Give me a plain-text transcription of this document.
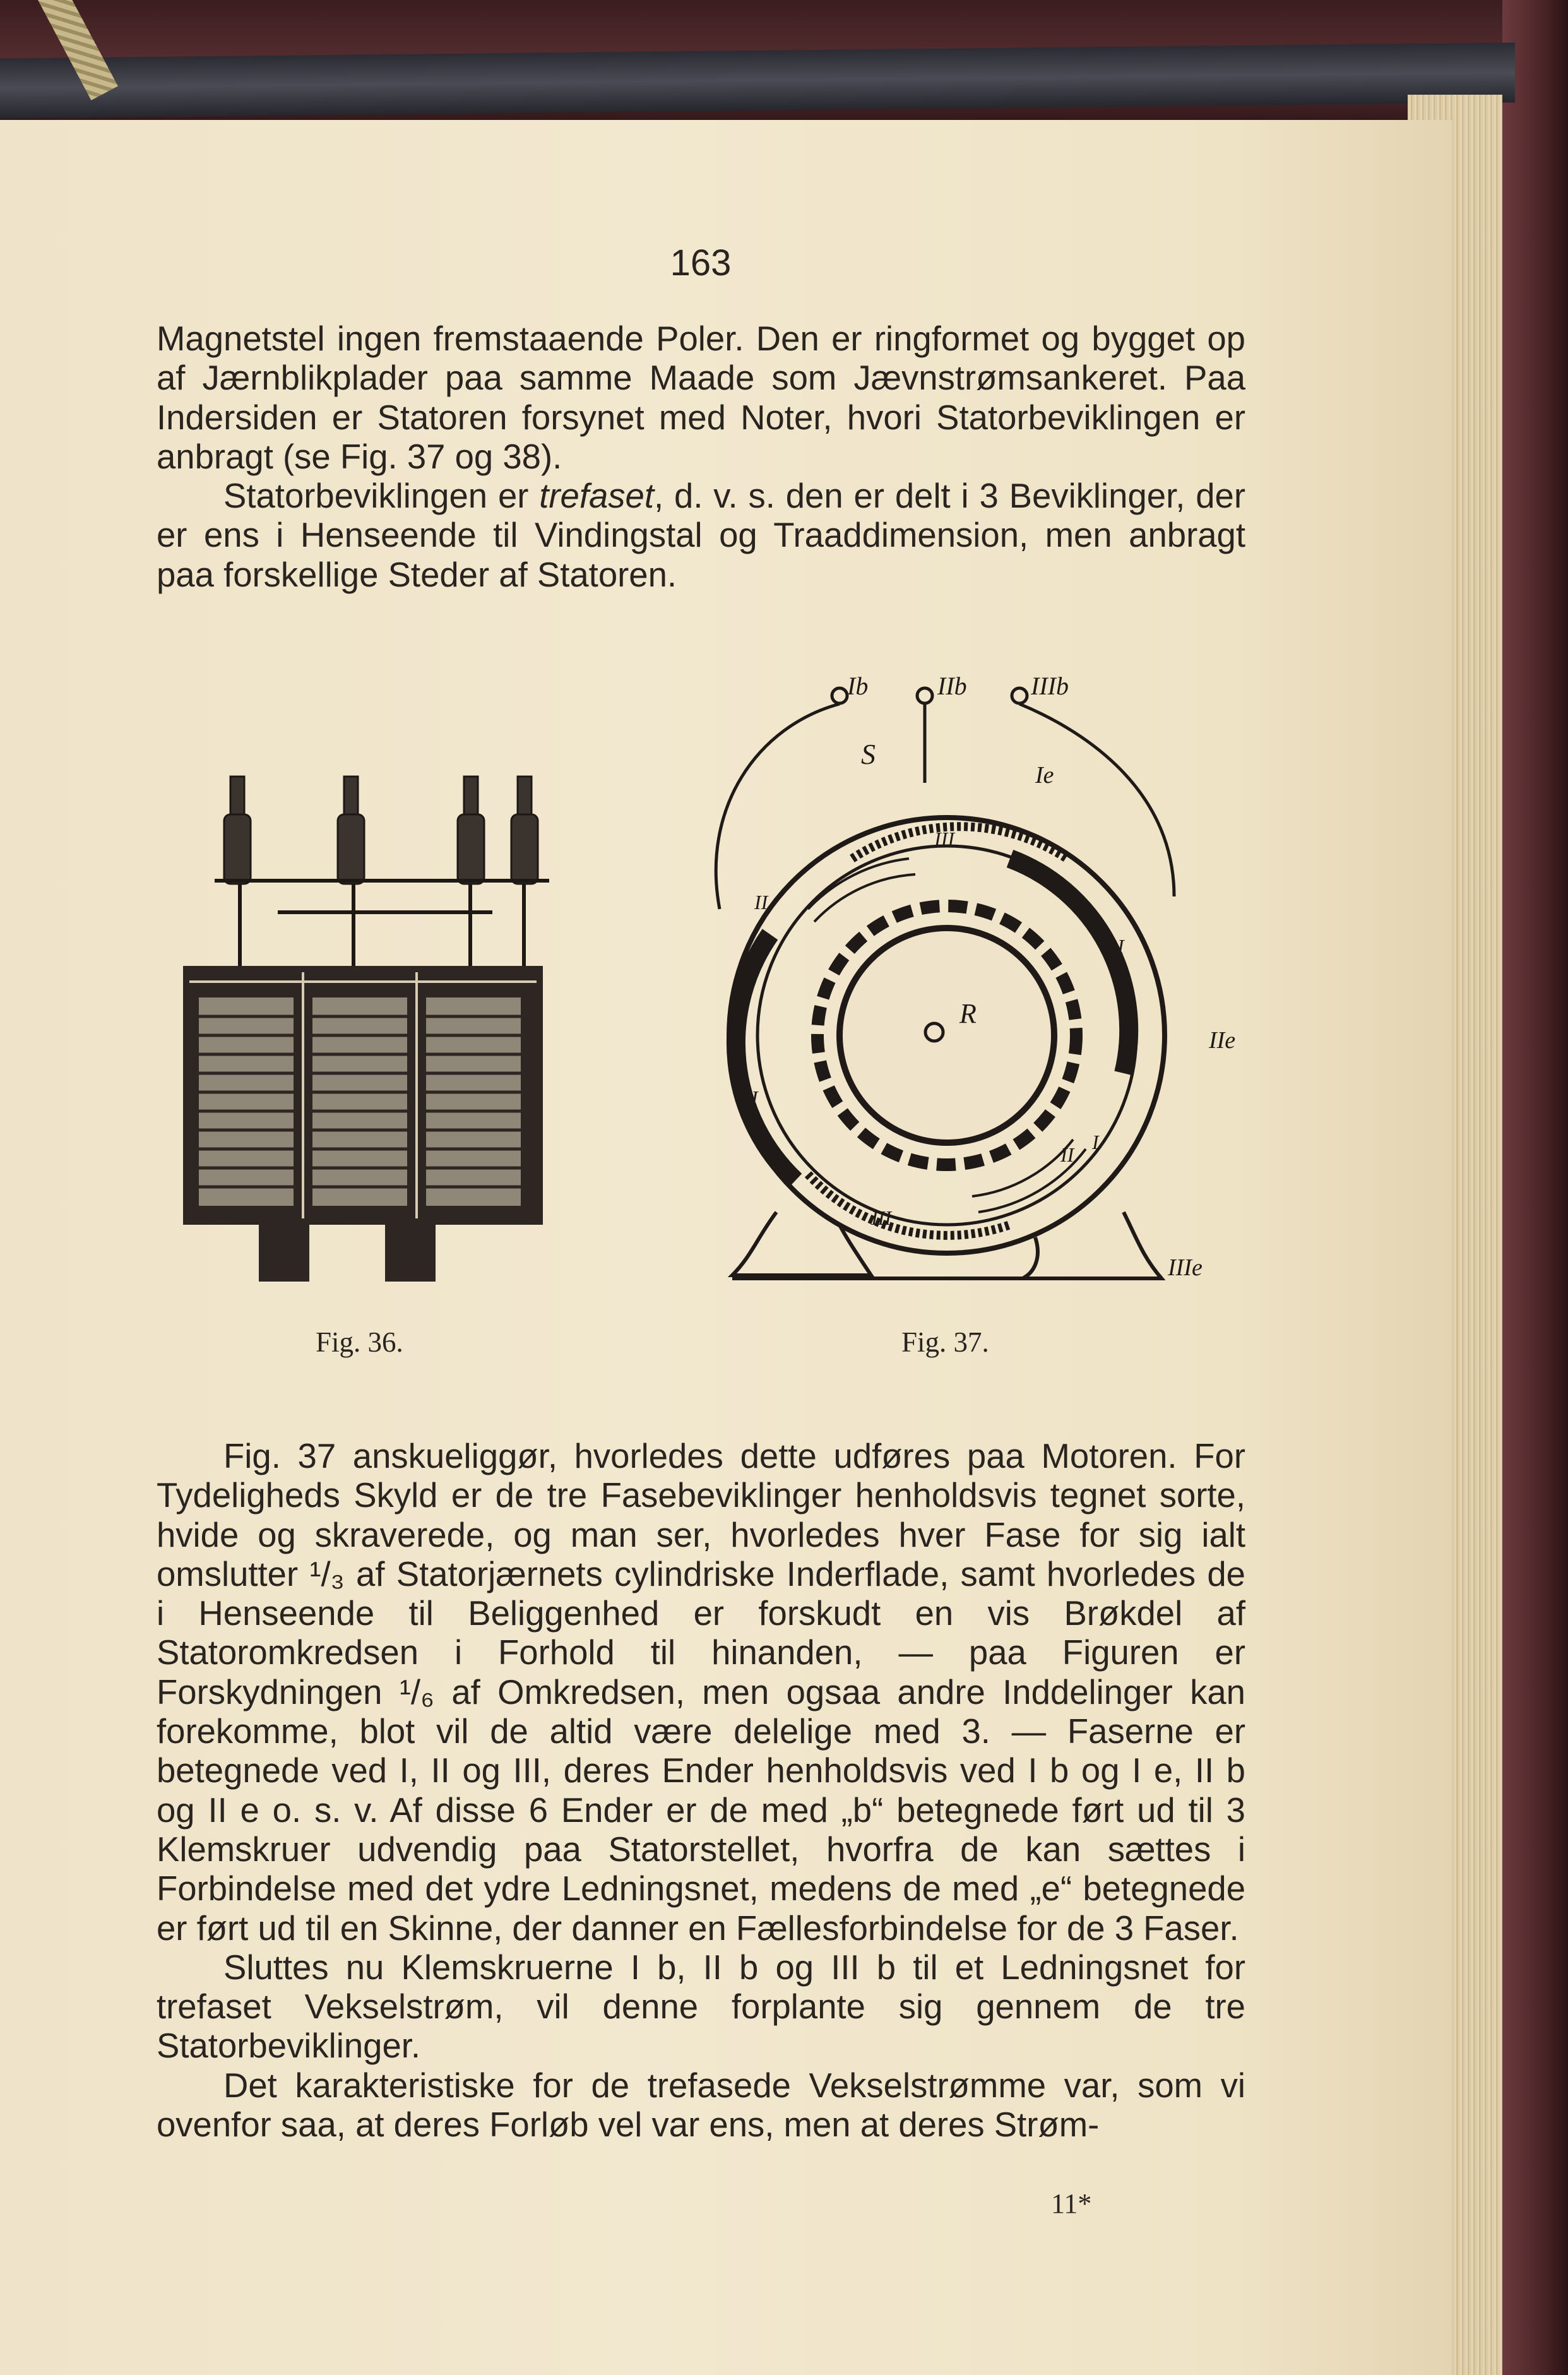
163

Magnetstel ingen fremstaaende Poler. Den er ringformet og bygget op af Jærnblikplader paa samme Maade som Jævnstrømsankeret. Paa Indersiden er Statoren forsynet med Noter, hvori Statorbeviklingen er anbragt (se Fig. 37 og 38).

Statorbeviklingen er trefaset, d. v. s. den er delt i 3 Beviklinger, der er ens i Henseende til Vindingstal og Traaddimension, men anbragt paa forskellige Steder af Statoren.

Ib	IIb	IIIb
S
Ie
IIe
IIIe
R
I
I
I
II
II
III
III
Fig. 36.	Fig. 37.

Fig. 37 anskueliggør, hvorledes dette udføres paa Motoren. For Tydeligheds Skyld er de tre Fasebeviklinger henholdsvis tegnet sorte, hvide og skraverede, og man ser, hvorledes hver Fase for sig ialt omslutter ¹/₃ af Statorjærnets cylindriske Inderflade, samt hvorledes de i Henseende til Beliggenhed er forskudt en vis Brøkdel af Statoromkredsen i Forhold til hinanden, — paa Figuren er Forskydningen ¹/₆ af Omkredsen, men ogsaa andre Inddelinger kan forekomme, blot vil de altid være delelige med 3. — Faserne er betegnede ved I, II og III, deres Ender henholdsvis ved I b og I e, II b og II e o. s. v. Af disse 6 Ender er de med „b“ betegnede ført ud til 3 Klemskruer udvendig paa Statorstellet, hvorfra de kan sættes i Forbindelse med det ydre Ledningsnet, medens de med „e“ betegnede er ført ud til en Skinne, der danner en Fællesforbindelse for de 3 Faser.

Sluttes nu Klemskruerne I b, II b og III b til et Ledningsnet for trefaset Vekselstrøm, vil denne forplante sig gennem de tre Statorbeviklinger.

Det karakteristiske for de trefasede Vekselstrømme var, som vi ovenfor saa, at deres Forløb vel var ens, men at deres Strøm-

11*
